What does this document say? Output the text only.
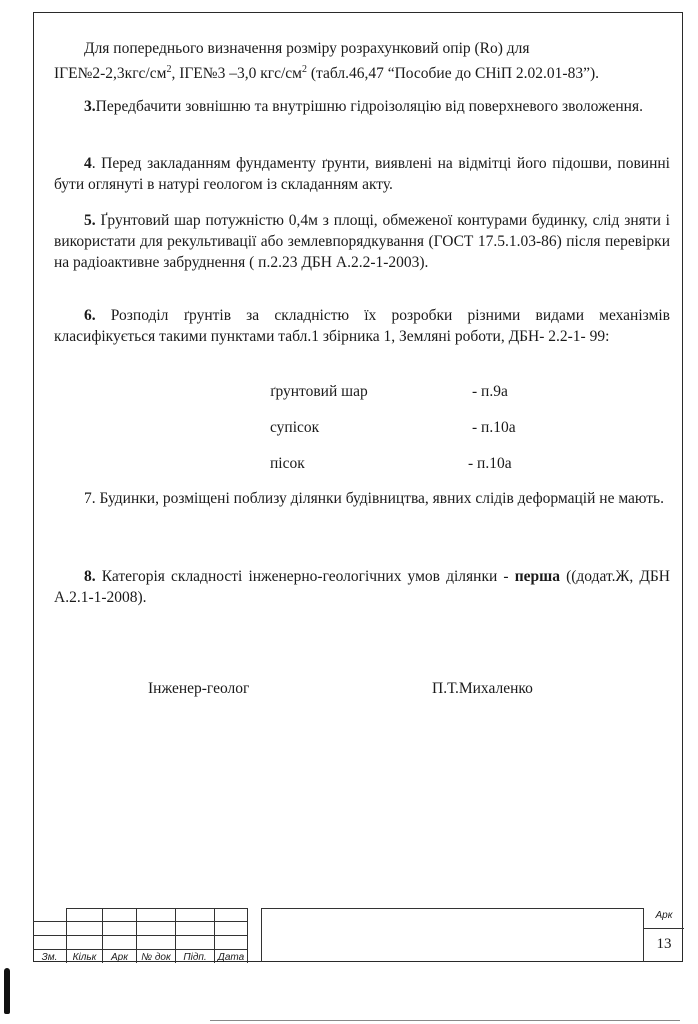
Для попереднього визначення розміру розрахунковий опір (Ro) для
$ІГЕ№2-2,3кгс/см^2$, ІГЕ№3 –3,0 кгс/$см^2$ (табл.46,47 “Пособие до СНіП 2.02.01-83”).
3.Передбачити зовнішню та внутрішню гідроізоляцію від поверхневого зволоження.
4. Перед закладанням фундаменту ґрунти, виявлені на відмітці його підошви, повинні бути оглянуті в натурі геологом із складанням акту.
5. Ґрунтовий шар потужністю 0,4м з площі, обмеженої контурами будинку, слід зняти і використати для рекультивації або землевпорядкування (ГОСТ 17.5.1.03-86) після перевірки на радіоактивне забруднення ( п.2.23 ДБН А.2.2-1-2003).
6. Розподіл ґрунтів за складністю їх розробки різними видами механізмів класифікується такими пунктами табл.1 збірника 1, Земляні роботи, ДБН- 2.2-1- 99:
7. Будинки, розміщені поблизу ділянки будівництва, явних слідів деформацій не мають.
8. Категорія складності інженерно-геологічних умов ділянки - перша ((додат.Ж, ДБН А.2.1-1-2008).
ґрунтовий шар	- п.9а
супісок	- п.10а
пісок	- п.10а
Інженер-геолог	П.Т.Михаленко

Зм.	Кільк	Арк	№ док	Підп.	Дата
Арк
13
